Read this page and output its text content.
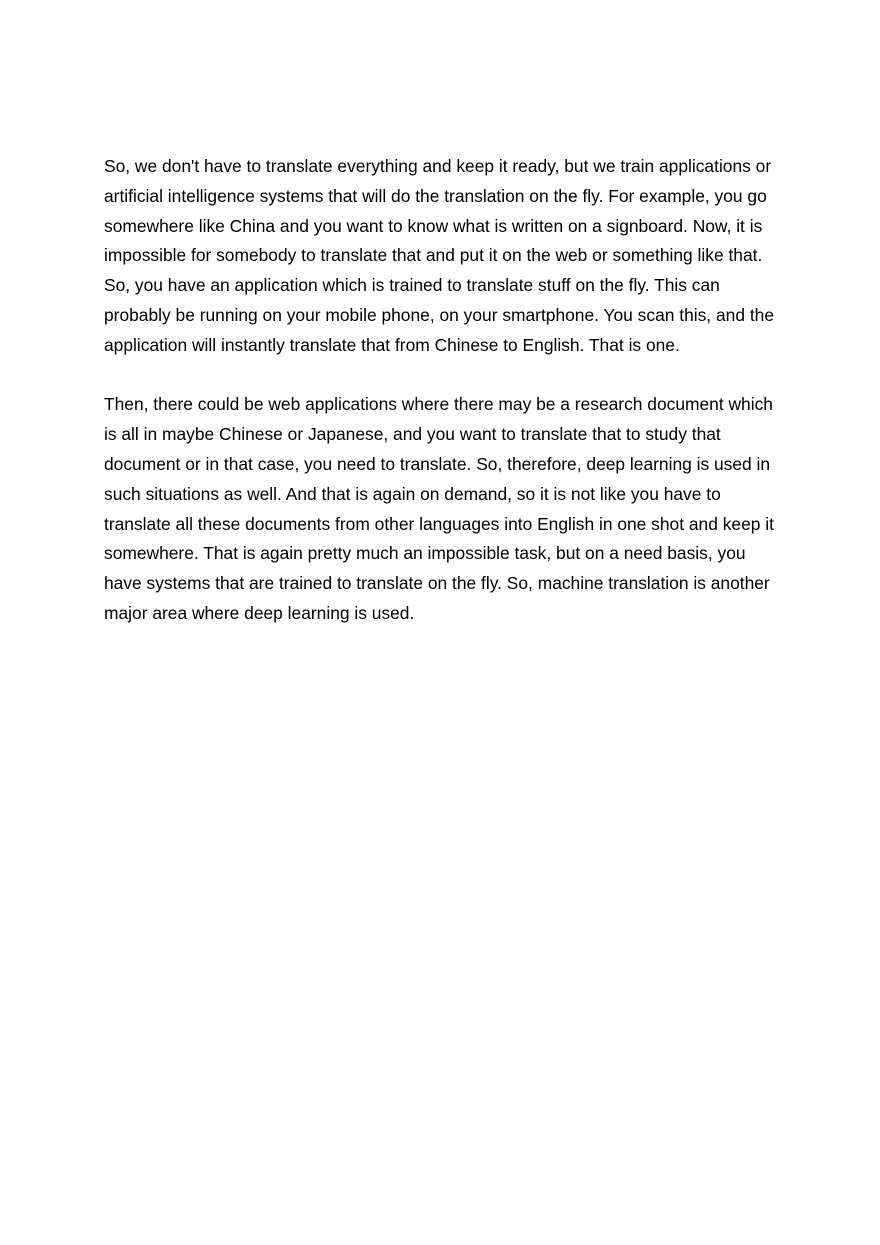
So, we don't have to translate everything and keep it ready, but we train applications or
artificial intelligence systems that will do the translation on the fly. For example, you go
somewhere like China and you want to know what is written on a signboard. Now, it is
impossible for somebody to translate that and put it on the web or something like that.
So, you have an application which is trained to translate stuff on the fly. This can
probably be running on your mobile phone, on your smartphone. You scan this, and the
application will instantly translate that from Chinese to English. That is one.

Then, there could be web applications where there may be a research document which
is all in maybe Chinese or Japanese, and you want to translate that to study that
document or in that case, you need to translate. So, therefore, deep learning is used in
such situations as well. And that is again on demand, so it is not like you have to
translate all these documents from other languages into English in one shot and keep it
somewhere. That is again pretty much an impossible task, but on a need basis, you
have systems that are trained to translate on the fly. So, machine translation is another
major area where deep learning is used.
